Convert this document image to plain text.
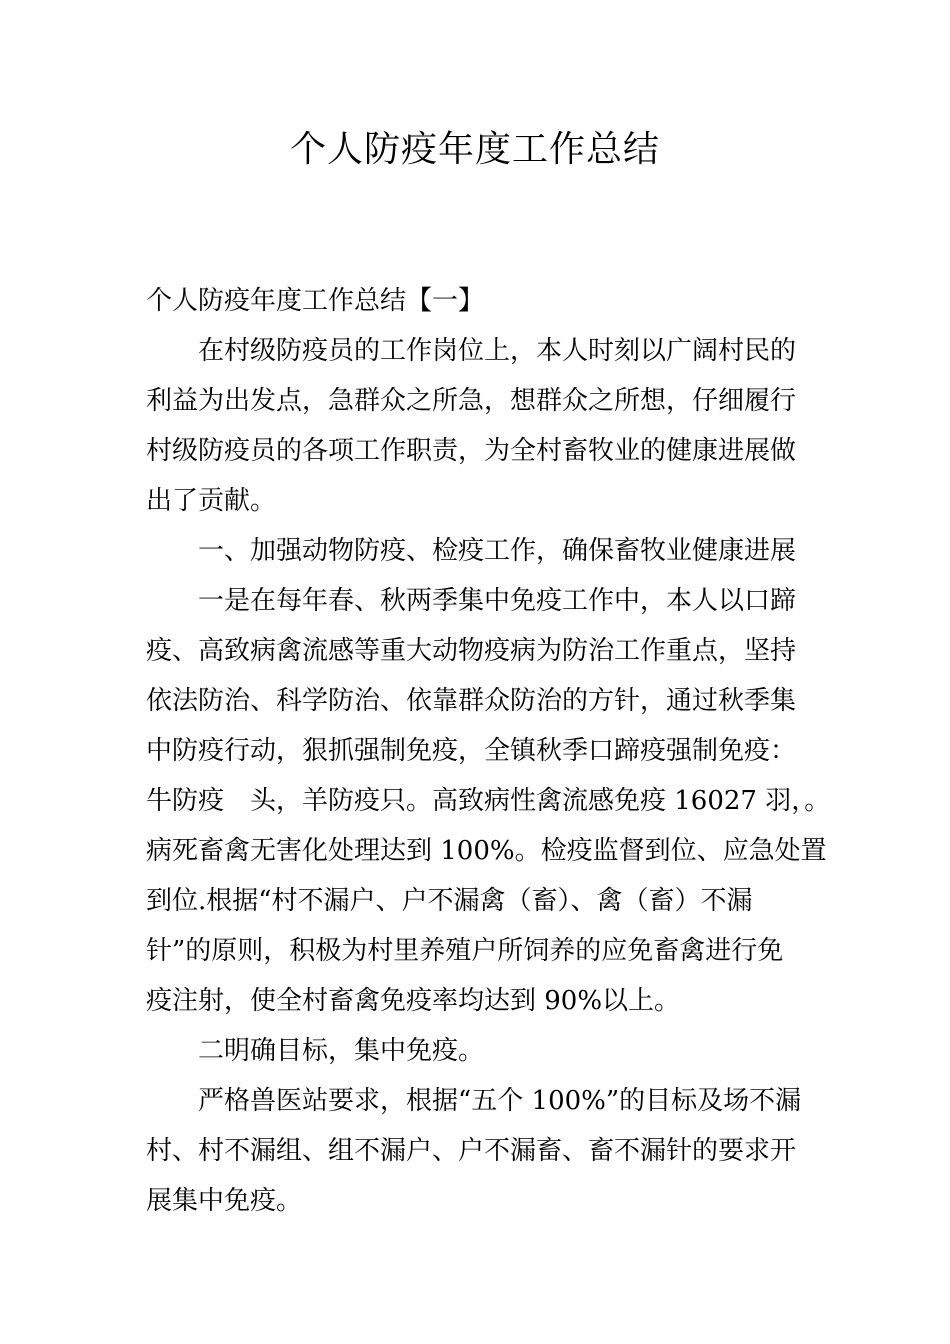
个人防疫年度工作总结
个人防疫年度工作总结【一】
在村级防疫员的工作岗位上，本人时刻以广阔村民的
利益为出发点，急群众之所急，想群众之所想，仔细履行
村级防疫员的各项工作职责，为全村畜牧业的健康进展做
出了贡献。
一、加强动物防疫、检疫工作，确保畜牧业健康进展
一是在每年春、秋两季集中免疫工作中，本人以口蹄
疫、高致病禽流感等重大动物疫病为防治工作重点，坚持
依法防治、科学防治、依靠群众防治的方针，通过秋季集
中防疫行动，狠抓强制免疫，全镇秋季口蹄疫强制免疫：
牛防疫　头，羊防疫只。高致病性禽流感免疫 16027 羽，。
病死畜禽无害化处理达到 100%。检疫监督到位、应急处置
到位.根据“村不漏户、户不漏禽（畜）、禽（畜）不漏
针”的原则，积极为村里养殖户所饲养的应免畜禽进行免
疫注射，使全村畜禽免疫率均达到 90%以上。
二明确目标，集中免疫。
严格兽医站要求，根据“五个 100%”的目标及场不漏
村、村不漏组、组不漏户、户不漏畜、畜不漏针的要求开
展集中免疫。
